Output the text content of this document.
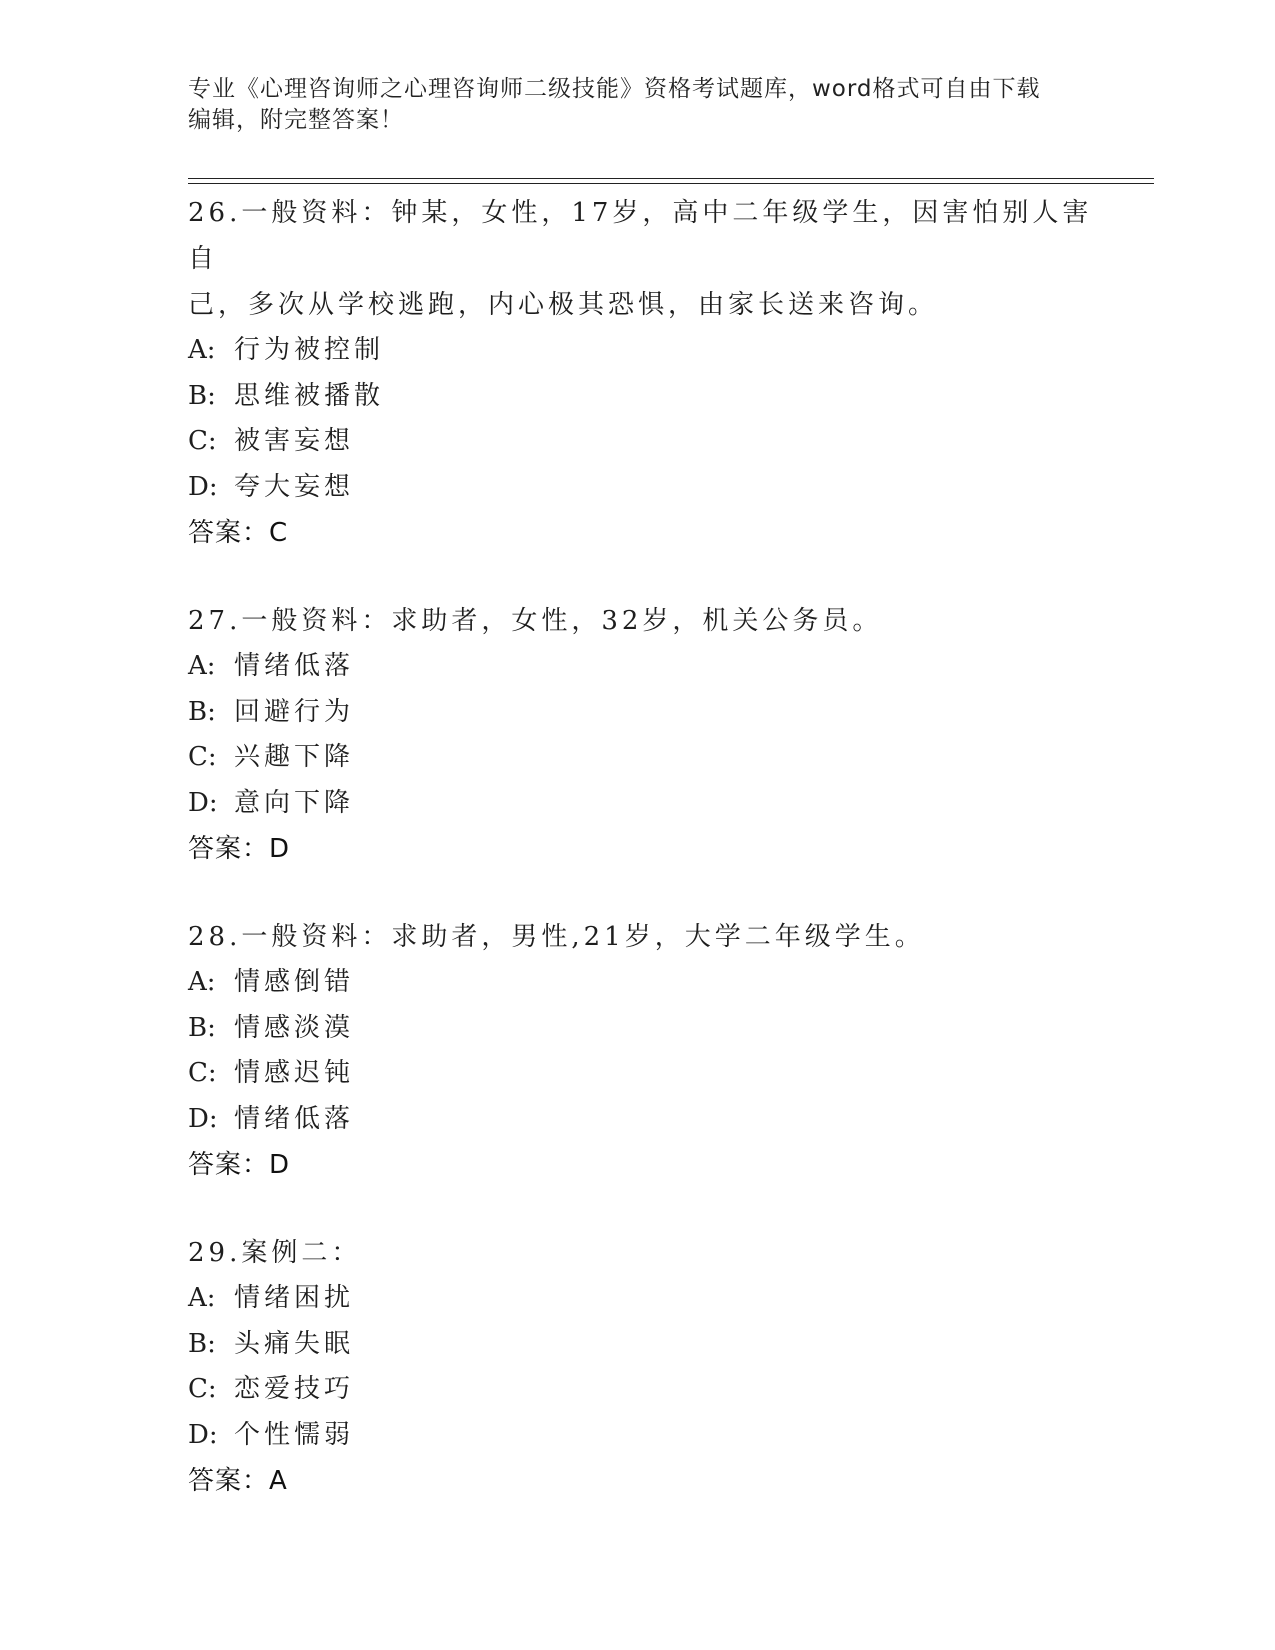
专业《心理咨询师之心理咨询师二级技能》资格考试题库，word格式可自由下载
编辑，附完整答案！
26.一般资料：钟某，女性，17岁，高中二年级学生，因害怕别人害自
己，多次从学校逃跑，内心极其恐惧，由家长送来咨询。
A: 行为被控制
B: 思维被播散
C: 被害妄想
D: 夸大妄想
答案：C
27.一般资料：求助者，女性，32岁，机关公务员。
A: 情绪低落
B: 回避行为
C: 兴趣下降
D: 意向下降
答案：D
28.一般资料：求助者，男性,21岁，大学二年级学生。
A: 情感倒错
B: 情感淡漠
C: 情感迟钝
D: 情绪低落
答案：D
29.案例二：
A: 情绪困扰
B: 头痛失眠
C: 恋爱技巧
D: 个性懦弱
答案：A
